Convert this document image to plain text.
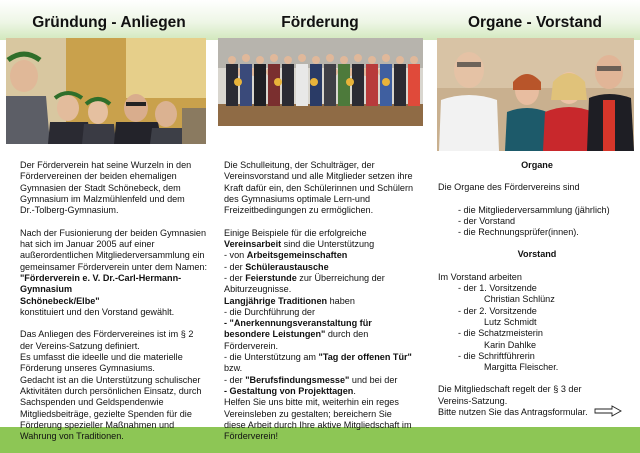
Gründung - Anliegen	Förderung	Organe - Vorstand

Der Förderverein hat seine Wurzeln in den
Fördervereinen der beiden ehemaligen
Gymnasien der Stadt Schönebeck, dem
Gymnasium im Malzmühlenfeld und dem
Dr.-Tolberg-Gymnasium.

Nach der Fusionierung der beiden Gymnasien
hat sich im Januar 2005 auf einer
außerordentlichen Mitgliederversammlung ein
gemeinsamer Förderverein unter dem Namen:
"Förderverein e. V. Dr.-Carl-Hermann-
Gymnasium
Schönebeck/Elbe"
konstituiert und den Vorstand gewählt.

Das Anliegen des Fördervereines ist im § 2
der Vereins-Satzung definiert.
Es umfasst die ideelle und die materielle
Förderung unseres Gymnasiums.
Gedacht ist an die Unterstützung schulischer
Aktivitäten durch persönlichen Einsatz, durch
Sachspenden und Geldspendenwie
Mitgliedsbeiträge, gezielte Spenden für die
Förderung spezieller Maßnahmen und
Wahrung von Traditionen.

Die Schulleitung, der Schulträger, der
Vereinsvorstand und alle Mitglieder setzen ihre
Kraft dafür ein, den Schülerinnen und Schülern
des Gymnasiums optimale Lern-und
Freizeitbedingungen zu ermöglichen.

Einige Beispiele für die erfolgreiche
Vereinsarbeit sind die Unterstützung
- von Arbeitsgemeinschaften
- der Schüleraustausche
- der Feierstunde zur Überreichung der
Abiturzeugnisse.
Langjährige Traditionen haben
- die Durchführung der
- "Anerkennungsveranstaltung für
besondere Leistungen" durch den
Förderverein.
- die Unterstützung am "Tag der offenen Tür"
bzw.
- der "Berufsfindungsmesse" und bei der
- Gestaltung von Projekttagen.
Helfen Sie uns bitte mit, weiterhin ein reges
Vereinsleben zu gestalten; bereichern Sie
diese Arbeit durch Ihre aktive Mitgliedschaft im
Förderverein!

Organe
Die Organe des Fördervereins sind
- die Mitgliederversammlung (jährlich)
- der Vorstand
- die Rechnungsprüfer(innen).
Vorstand
Im Vorstand arbeiten
- der 1. Vorsitzende
Christian Schlünz
- der 2. Vorsitzende
Lutz Schmidt
- die Schatzmeisterin
Karin Dahlke
- die Schriftführerin
Margitta Fleischer.
Die Mitgliedschaft regelt der § 3 der
Vereins-Satzung.
Bitte nutzen Sie das Antragsformular.
